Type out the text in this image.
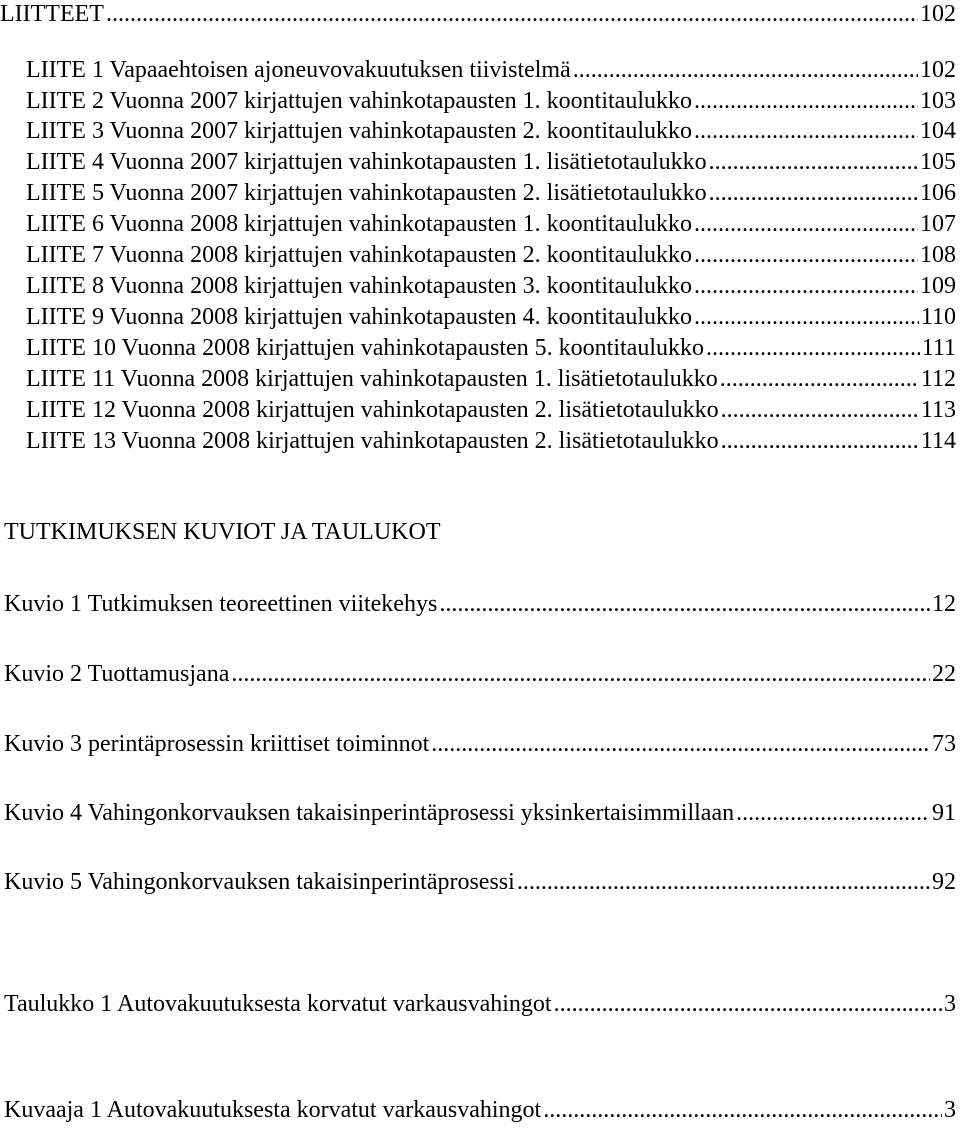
LIITTEET .....	102
LIITE 1 Vapaaehtoisen ajoneuvovakuutuksen tiivistelmä .....	102
LIITE 2 Vuonna 2007 kirjattujen vahinkotapausten 1. koontitaulukko .....	103
LIITE 3 Vuonna 2007 kirjattujen vahinkotapausten 2. koontitaulukko .....	104
LIITE 4 Vuonna 2007 kirjattujen vahinkotapausten 1. lisätietotaulukko .....	105
LIITE 5 Vuonna 2007 kirjattujen vahinkotapausten 2. lisätietotaulukko .....	106
LIITE 6 Vuonna 2008 kirjattujen vahinkotapausten 1. koontitaulukko .....	107
LIITE 7 Vuonna 2008 kirjattujen vahinkotapausten 2. koontitaulukko .....	108
LIITE 8 Vuonna 2008 kirjattujen vahinkotapausten 3. koontitaulukko .....	109
LIITE 9 Vuonna 2008 kirjattujen vahinkotapausten 4. koontitaulukko .....	110
LIITE 10 Vuonna 2008 kirjattujen vahinkotapausten 5. koontitaulukko .....	111
LIITE 11 Vuonna 2008 kirjattujen vahinkotapausten 1. lisätietotaulukko .....	112
LIITE 12 Vuonna 2008 kirjattujen vahinkotapausten 2. lisätietotaulukko .....	113
LIITE 13 Vuonna 2008 kirjattujen vahinkotapausten 2. lisätietotaulukko .....	114
TUTKIMUKSEN KUVIOT JA TAULUKOT
Kuvio 1 Tutkimuksen teoreettinen viitekehys .....	12
Kuvio 2 Tuottamusjana .....	22
Kuvio 3 perintäprosessin kriittiset toiminnot .....	73
Kuvio 4 Vahingonkorvauksen takaisinperintäprosessi yksinkertaisimmillaan .....	91
Kuvio 5 Vahingonkorvauksen takaisinperintäprosessi .....	92
Taulukko 1 Autovakuutuksesta korvatut varkausvahingot .....	3
Kuvaaja 1 Autovakuutuksesta korvatut varkausvahingot .....	3
